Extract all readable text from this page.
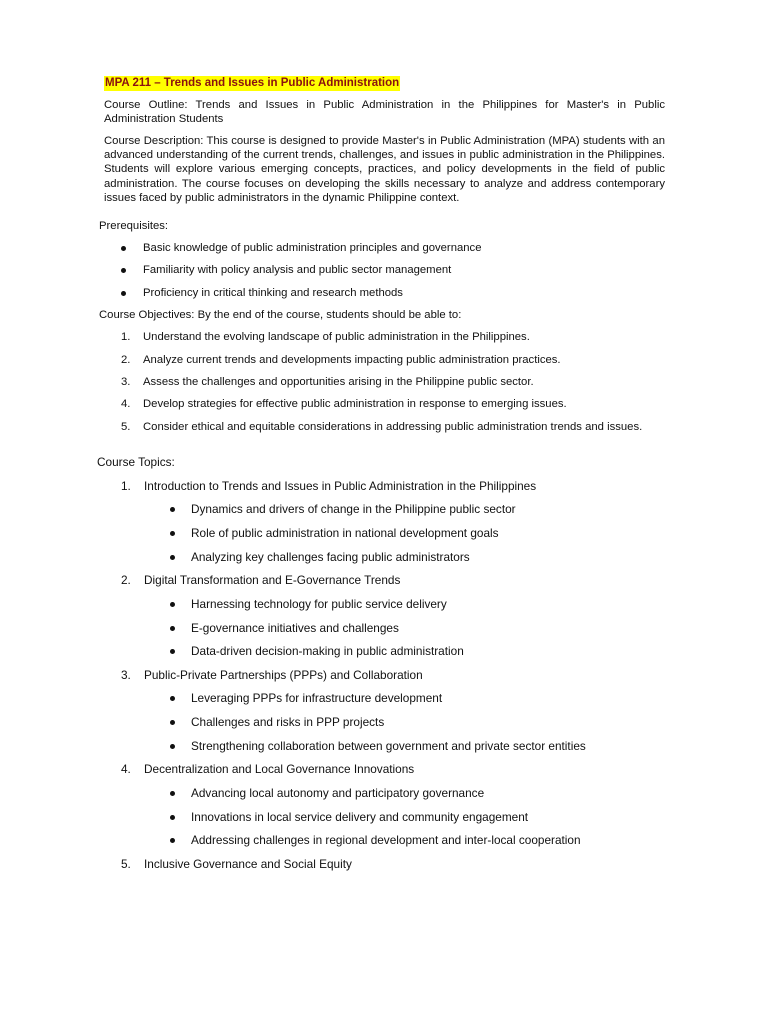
MPA 211 – Trends and Issues in Public Administration
Course Outline: Trends and Issues in Public Administration in the Philippines for Master's in Public Administration Students
Course Description: This course is designed to provide Master's in Public Administration (MPA) students with an advanced understanding of the current trends, challenges, and issues in public administration in the Philippines. Students will explore various emerging concepts, practices, and policy developments in the field of public administration. The course focuses on developing the skills necessary to analyze and address contemporary issues faced by public administrators in the dynamic Philippine context.
Prerequisites:
Basic knowledge of public administration principles and governance
Familiarity with policy analysis and public sector management
Proficiency in critical thinking and research methods
Course Objectives: By the end of the course, students should be able to:
1. Understand the evolving landscape of public administration in the Philippines.
2. Analyze current trends and developments impacting public administration practices.
3. Assess the challenges and opportunities arising in the Philippine public sector.
4. Develop strategies for effective public administration in response to emerging issues.
5. Consider ethical and equitable considerations in addressing public administration trends and issues.
Course Topics:
1. Introduction to Trends and Issues in Public Administration in the Philippines
Dynamics and drivers of change in the Philippine public sector
Role of public administration in national development goals
Analyzing key challenges facing public administrators
2. Digital Transformation and E-Governance Trends
Harnessing technology for public service delivery
E-governance initiatives and challenges
Data-driven decision-making in public administration
3. Public-Private Partnerships (PPPs) and Collaboration
Leveraging PPPs for infrastructure development
Challenges and risks in PPP projects
Strengthening collaboration between government and private sector entities
4. Decentralization and Local Governance Innovations
Advancing local autonomy and participatory governance
Innovations in local service delivery and community engagement
Addressing challenges in regional development and inter-local cooperation
5. Inclusive Governance and Social Equity
